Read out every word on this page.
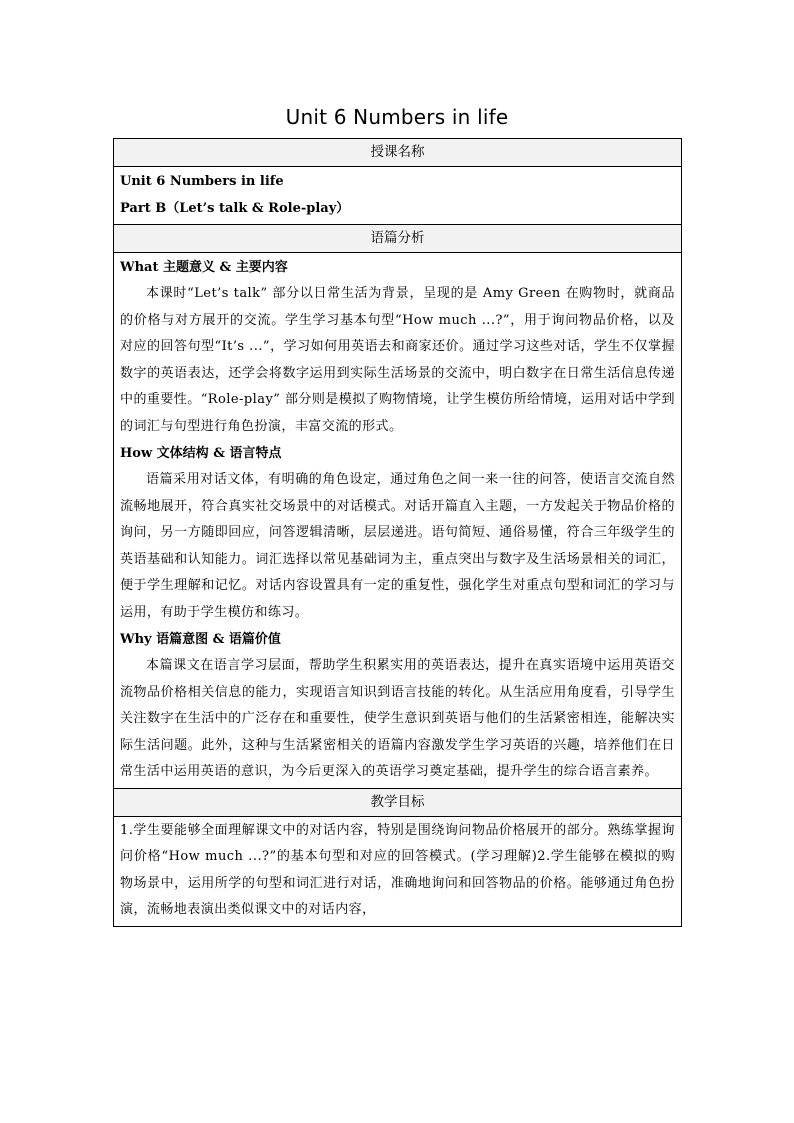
Unit 6 Numbers in life
授课名称

Unit 6 Numbers in life
Part B（Let’s talk & Role-play）

语篇分析

What 主题意义 & 主要内容
本课时“Let’s talk” 部分以日常生活为背景，呈现的是 Amy Green 在购物时，就商品的价格与对方展开的交流。学生学习基本句型“How much ...?”，用于询问物品价格，以及对应的回答句型“It’s ...”，学习如何用英语去和商家还价。通过学习这些对话，学生不仅掌握数字的英语表达，还学会将数字运用到实际生活场景的交流中，明白数字在日常生活信息传递中的重要性。“Role-play” 部分则是模拟了购物情境，让学生模仿所给情境，运用对话中学到的词汇与句型进行角色扮演，丰富交流的形式。
How 文体结构 & 语言特点
语篇采用对话文体，有明确的角色设定，通过角色之间一来一往的问答，使语言交流自然流畅地展开，符合真实社交场景中的对话模式。对话开篇直入主题，一方发起关于物品价格的询问，另一方随即回应，问答逻辑清晰，层层递进。语句简短、通俗易懂，符合三年级学生的英语基础和认知能力。词汇选择以常见基础词为主，重点突出与数字及生活场景相关的词汇，便于学生理解和记忆。对话内容设置具有一定的重复性，强化学生对重点句型和词汇的学习与运用，有助于学生模仿和练习。
Why 语篇意图 & 语篇价值
本篇课文在语言学习层面，帮助学生积累实用的英语表达，提升在真实语境中运用英语交流物品价格相关信息的能力，实现语言知识到语言技能的转化。从生活应用角度看，引导学生关注数字在生活中的广泛存在和重要性，使学生意识到英语与他们的生活紧密相连，能解决实际生活问题。此外，这种与生活紧密相关的语篇内容激发学生学习英语的兴趣，培养他们在日常生活中运用英语的意识，为今后更深入的英语学习奠定基础，提升学生的综合语言素养。

教学目标

1.学生要能够全面理解课文中的对话内容，特别是围绕询问物品价格展开的部分。熟练掌握询问价格“How much ...?”的基本句型和对应的回答模式。(学习理解)2.学生能够在模拟的购物场景中，运用所学的句型和词汇进行对话，准确地询问和回答物品的价格。能够通过角色扮演，流畅地表演出类似课文中的对话内容，
